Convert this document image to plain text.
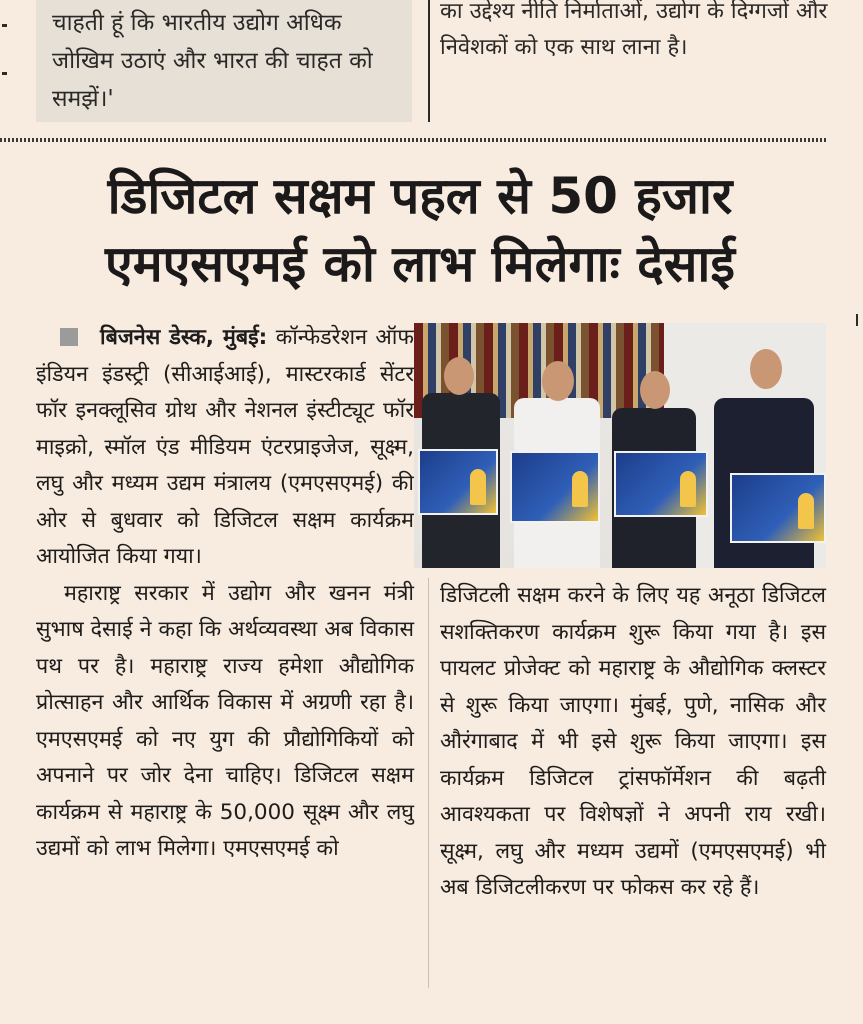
चाहती हूं कि भारतीय उद्योग अधिक जोखिम उठाएं और भारत की चाहत को समझें।'

का उद्देश्य नीति निर्माताओं, उद्योग के दिग्गजों और निवेशकों को एक साथ लाना है।

डिजिटल सक्षम पहल से 50 हजार एमएसएमई को लाभ मिलेगाः देसाई

बिजनेस डेस्क, मुंबई: कॉन्फेडरेशन ऑफ इंडियन इंडस्ट्री (सीआईआई), मास्टरकार्ड सेंटर फॉर इनक्लूसिव ग्रोथ और नेशनल इंस्टीट्यूट फॉर माइक्रो, स्मॉल एंड मीडियम एंटरप्राइजेज, सूक्ष्म, लघु और मध्यम उद्यम मंत्रालय (एमएसएमई) की ओर से बुधवार को डिजिटल सक्षम कार्यक्रम आयोजित किया गया।

महाराष्ट्र सरकार में उद्योग और खनन मंत्री सुभाष देसाई ने कहा कि अर्थव्यवस्था अब विकास पथ पर है। महाराष्ट्र राज्य हमेशा औद्योगिक प्रोत्साहन और आर्थिक विकास में अग्रणी रहा है। एमएसएमई को नए युग की प्रौद्योगिकियों को अपनाने पर जोर देना चाहिए। डिजिटल सक्षम कार्यक्रम से महाराष्ट्र के 50,000 सूक्ष्म और लघु उद्यमों को लाभ मिलेगा। एमएसएमई को

डिजिटली सक्षम करने के लिए यह अनूठा डिजिटल सशक्तिकरण कार्यक्रम शुरू किया गया है। इस पायलट प्रोजेक्ट को महाराष्ट्र के औद्योगिक क्लस्टर से शुरू किया जाएगा। मुंबई, पुणे, नासिक और औरंगाबाद में भी इसे शुरू किया जाएगा। इस कार्यक्रम डिजिटल ट्रांसफॉर्मेशन की बढ़ती आवश्यकता पर विशेषज्ञों ने अपनी राय रखी। सूक्ष्म, लघु और मध्यम उद्यमों (एमएसएमई) भी अब डिजिटलीकरण पर फोकस कर रहे हैं।
